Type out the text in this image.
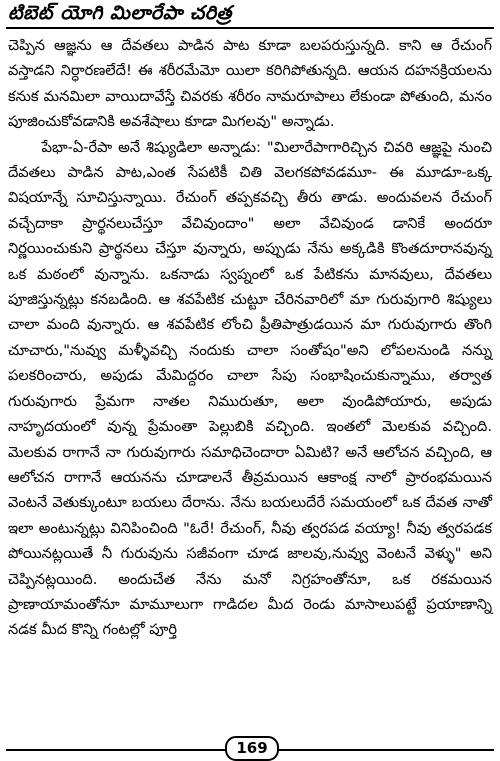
టిబెట్ యోగి మిలారేపా చరిత్ర

చెప్పిన ఆజ్ఞను ఆ దేవతలు పాడిన పాట కూడా బలపరుస్తున్నది. కాని ఆ రేచుంగ్ వస్తాడని నిర్ధారణలేదే! ఈ శరీరమేమో యిలా కరిగిపోతున్నది. ఆయన దహనక్రియలను కనుక మనమిలా వాయిదావేస్తే చివరకు శరీరం నామరూపాలు లేకుండా పోతుంది, మనం పూజించుకోవడానికి అవశేషాలు కూడా మిగలవు" అన్నాడు.

పేభా-ఏ-రేపా అనే శిష్యుడిలా అన్నాడు: "మిలారేపాగారిచ్చిన చివరి ఆజ్ఞపై నుంచి దేవతలు పాడిన పాట,ఎంత సేపటికీ చితి వెలగకపోవడమూ- ఈ మూడూ-ఒక్క విషయాన్నే సూచిస్తున్నాయి. రేచుంగ్ తప్పకవచ్చి తీరు తాడు. అందువలన రేచుంగ్ వచ్చేదాకా ప్రార్థనలుచేస్తూ వేచివుందాం" అలా వేచివుండ డానికే అందరూ నిర్ణయించుకుని ప్రార్థనలు చేస్తూ వున్నారు, అప్పుడు నేను అక్కడికి కొంతదూరానవున్న ఒక మఠంలో వున్నాను. ఒకనాడు స్వప్నంలో ఒక పేటికను మానవులు, దేవతలు పూజిస్తున్నట్లు కనబడింది. ఆ శవపేటిక చుట్టూ చేరినవారిలో మా గురువుగారి శిష్యులు చాలా మంది వున్నారు. ఆ శవపేటిక లోంచి ప్రీతిపాత్రుడయిన మా గురువుగారు తొంగి చూచారు,"నువ్వు మళ్ళీవచ్చి నందుకు చాలా సంతోషం"అని లోపలనుండి నన్ను పలకరించారు, అపుడు మేమిద్దరం చాలా సేపు సంభాషించుకున్నాము, తర్వాత గురువుగారు ప్రేమగా నాతల నిమురుతూ, అలా వుండిపోయారు, అపుడు నాహృదయంలో వున్న ప్రేమంతా పెల్లుబికి వచ్చింది. ఇంతలో మెలకువ వచ్చింది. మెలకువ రాగానే నా గురువుగారు సమాధిచెందారా ఏమిటి? అనే ఆలోచన వచ్చింది, ఆ ఆలోచన రాగానే ఆయనను చూడాలనే తీవ్రమయిన ఆకాంక్ష నాలో ప్రారంభమయిన వెంటనే వెతుక్కుంటూ బయలు దేరాను. నేను బయలుదేరే సమయంలో ఒక దేవత నాతో ఇలా అంటున్నట్లు వినిపించింది "ఓరే! రేచుంగ్, నీవు త్వరపడ వయ్యా! నీవు త్వరపడక పోయినట్లయితే నీ గురువును సజీవంగా చూడ జాలవు,నువ్వు వెంటనే వెళ్ళు" అని చెప్పినట్లయింది. అందుచేత నేను మనో నిగ్రహంతోనూ, ఒక రకమయిన ప్రాణాయామంతోనూ మామూలుగా గాడిదల మీద రెండు మాసాలుపట్టే ప్రయాణాన్ని నడక మీద కొన్ని గంటల్లో పూర్తి

169
